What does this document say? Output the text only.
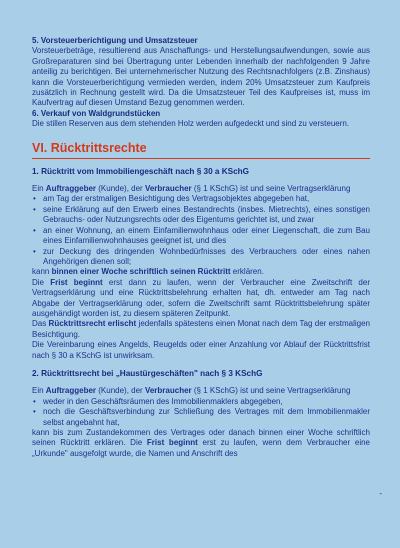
5. Vorsteuerberichtigung und Umsatzsteuer

Vorsteuerbeträge, resultierend aus Anschaffungs- und Herstellungsaufwendungen, sowie aus Großreparaturen sind bei Übertragung unter Lebenden innerhalb der nachfolgenden 9 Jahre anteilig zu berichtigen. Bei unternehmerischer Nutzung des Rechtsnachfolgers (z.B. Zinshaus) kann die Vorsteuerberichtigung vermieden werden, indem 20% Umsatzsteuer zum Kaufpreis zusätzlich in Rechnung gestellt wird. Da die Umsatzsteuer Teil des Kaufpreises ist, muss im Kaufvertrag auf diesen Umstand Bezug genommen werden.

6. Verkauf von Waldgrundstücken

Die stillen Reserven aus dem stehenden Holz werden aufgedeckt und sind zu versteuern.

VI. Rücktrittsrechte
1. Rücktritt vom Immobiliengeschäft nach § 30 a KSchG

Ein Auftraggeber (Kunde), der Verbraucher (§ 1 KSchG) ist und seine Vertragserklärung

• am Tag der erstmaligen Besichtigung des Vertragsobjektes abgegeben hat,
• seine Erklärung auf den Erwerb eines Bestandrechts (insbes. Mietrechts), eines sonstigen Gebrauchs- oder Nutzungsrechts oder des Eigentums gerichtet ist, und zwar
• an einer Wohnung, an einem Einfamilienwohnhaus oder einer Liegenschaft, die zum Bau eines Einfamilienwohnhauses geeignet ist, und dies
• zur Deckung des dringenden Wohnbedürfnisses des Verbrauchers oder eines nahen Angehörigen dienen soll;

kann binnen einer Woche schriftlich seinen Rücktritt erklären.

Die Frist beginnt erst dann zu laufen, wenn der Verbraucher eine Zweitschrift der Vertragserklärung und eine Rücktrittsbelehrung erhalten hat, dh. entweder am Tag nach Abgabe der Vertragserklärung oder, sofern die Zweitschrift samt Rücktrittsbelehrung später ausgehändigt worden ist, zu diesem späteren Zeitpunkt.

Das Rücktrittsrecht erlischt jedenfalls spätestens einen Monat nach dem Tag der erstmaligen Besichtigung.

Die Vereinbarung eines Angelds, Reugelds oder einer Anzahlung vor Ablauf der Rücktrittsfrist nach § 30 a KSchG ist unwirksam.

2. Rücktrittsrecht bei „Haustürgeschäften" nach § 3 KSchG

Ein Auftraggeber (Kunde), der Verbraucher (§ 1 KSchG) ist und seine Vertragserklärung

• weder in den Geschäftsräumen des Immobilienmaklers abgegeben,
• noch die Geschäftsverbindung zur Schließung des Vertrages mit dem Immobilienmakler selbst angebahnt hat,

kann bis zum Zustandekommen des Vertrages oder danach binnen einer Woche schriftlich seinen Rücktritt erklären. Die Frist beginnt erst zu laufen, wenn dem Verbraucher eine „Urkunde" ausgefolgt wurde, die Namen und Anschrift des

-
